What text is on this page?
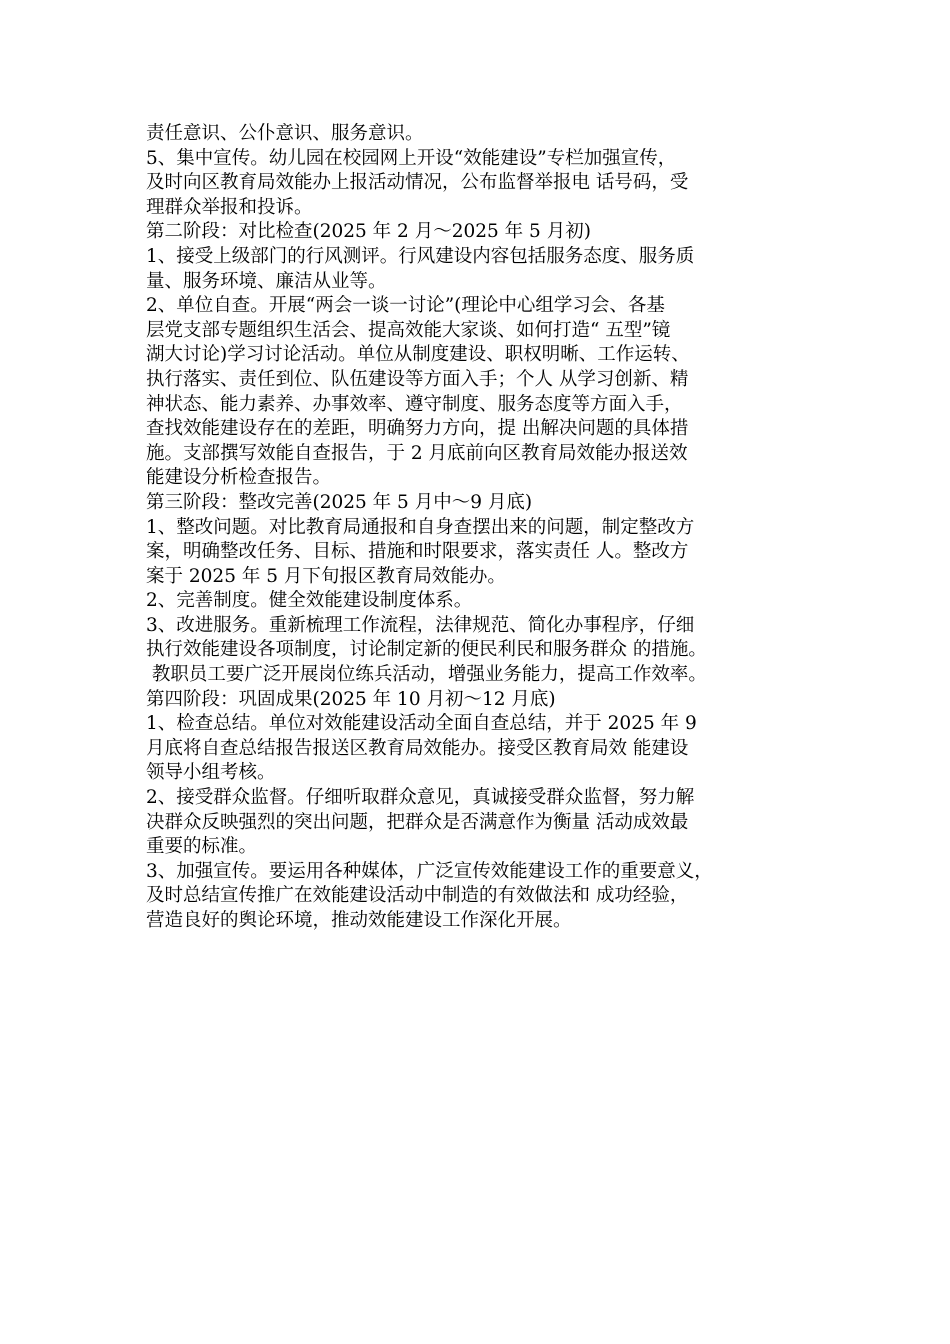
责任意识、公仆意识、服务意识。
5、集中宣传。幼儿园在校园网上开设“效能建设”专栏加强宣传，
及时向区教育局效能办上报活动情况，公布监督举报电 话号码，受
理群众举报和投诉。
第二阶段：对比检查(2025 年 2 月～2025 年 5 月初)
1、接受上级部门的行风测评。行风建设内容包括服务态度、服务质
量、服务环境、廉洁从业等。
2、单位自查。开展“两会一谈一讨论”(理论中心组学习会、各基
层党支部专题组织生活会、提高效能大家谈、如何打造“ 五型”镜
湖大讨论)学习讨论活动。单位从制度建设、职权明晰、工作运转、
执行落实、责任到位、队伍建设等方面入手；个人 从学习创新、精
神状态、能力素养、办事效率、遵守制度、服务态度等方面入手，
查找效能建设存在的差距，明确努力方向，提 出解决问题的具体措
施。支部撰写效能自查报告，于 2 月底前向区教育局效能办报送效
能建设分析检查报告。
第三阶段：整改完善(2025 年 5 月中～9 月底)
1、整改问题。对比教育局通报和自身查摆出来的问题，制定整改方
案，明确整改任务、目标、措施和时限要求，落实责任 人。整改方
案于 2025 年 5 月下旬报区教育局效能办。
2、完善制度。健全效能建设制度体系。
3、改进服务。重新梳理工作流程，法律规范、简化办事程序，仔细
执行效能建设各项制度，讨论制定新的便民利民和服务群众 的措施。
教职员工要广泛开展岗位练兵活动，增强业务能力，提高工作效率。
第四阶段：巩固成果(2025 年 10 月初～12 月底)
1、检查总结。单位对效能建设活动全面自查总结，并于 2025 年 9
月底将自查总结报告报送区教育局效能办。接受区教育局效 能建设
领导小组考核。
2、接受群众监督。仔细听取群众意见，真诚接受群众监督，努力解
决群众反映强烈的突出问题，把群众是否满意作为衡量 活动成效最
重要的标准。
3、加强宣传。要运用各种媒体，广泛宣传效能建设工作的重要意义，
及时总结宣传推广在效能建设活动中制造的有效做法和 成功经验，
营造良好的舆论环境，推动效能建设工作深化开展。
